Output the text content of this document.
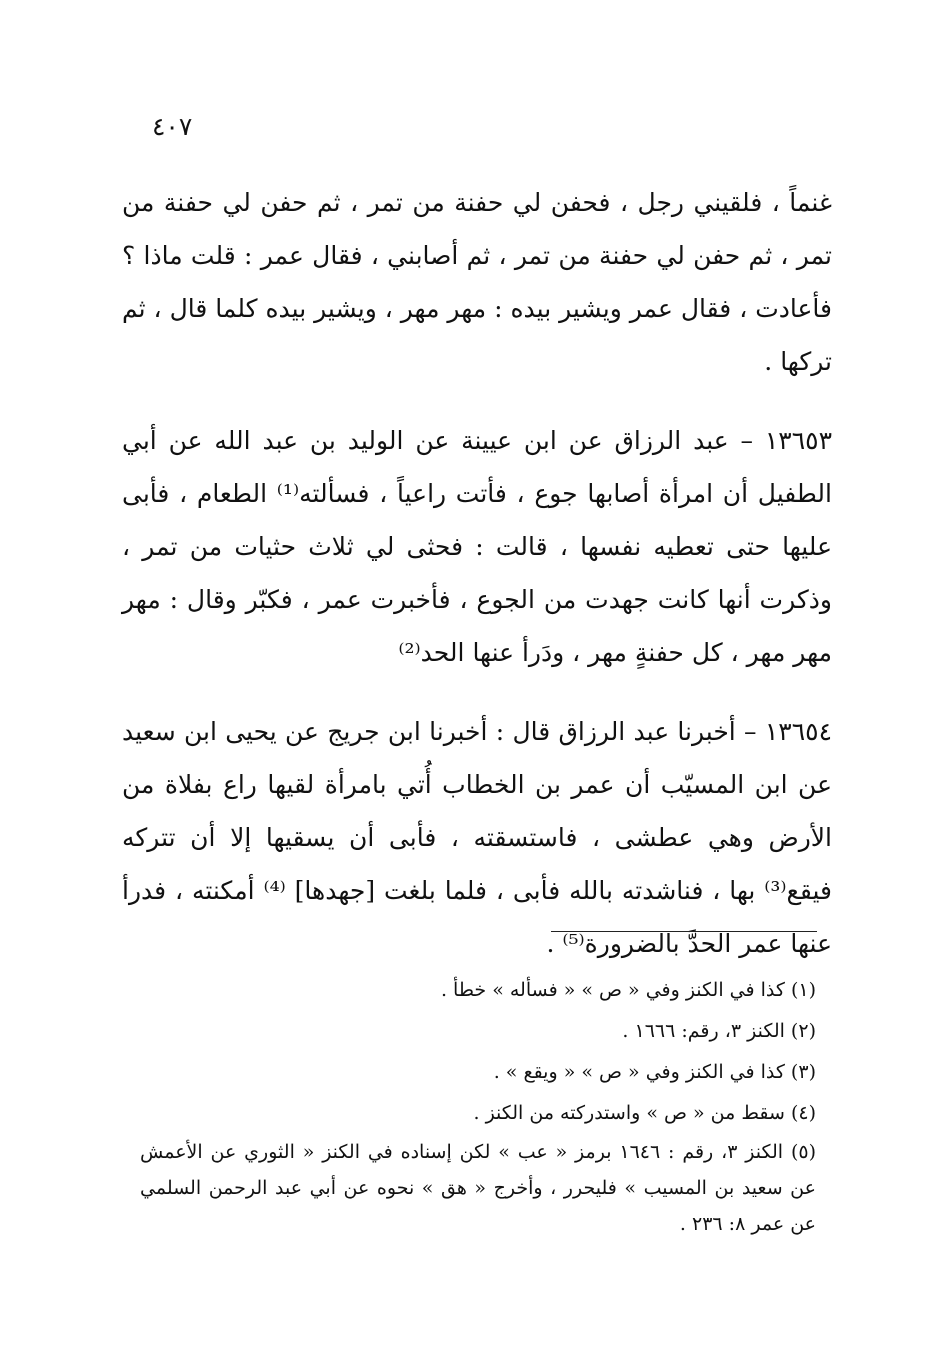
٤٠٧

غنماً ، فلقيني رجل ، فحفن لي حفنة من تمر ، ثم حفن لي حفنة من تمر ، ثم حفن لي حفنة من تمر ، ثم أصابني ، فقال عمر : قلت ماذا ؟ فأعادت ، فقال عمر ويشير بيده : مهر مهر ، ويشير بيده كلما قال ، ثم تركها .

١٣٦٥٣ – عبد الرزاق عن ابن عيينة عن الوليد بن عبد الله عن أبي الطفيل أن امرأة أصابها جوع ، فأتت راعياً ، فسألته⁽¹⁾ الطعام ، فأبى عليها حتى تعطيه نفسها ، قالت : فحثى لي ثلاث حثيات من تمر ، وذكرت أنها كانت جهدت من الجوع ، فأخبرت عمر ، فكبّر وقال : مهر مهر مهر ، كل حفنةٍ مهر ، ودَرأ عنها الحد⁽²⁾

١٣٦٥٤ – أخبرنا عبد الرزاق قال : أخبرنا ابن جريج عن يحيى ابن سعيد عن ابن المسيّب أن عمر بن الخطاب أُتي بامرأة لقيها راع بفلاة من الأرض وهي عطشى ، فاستسقته ، فأبى أن يسقيها إلا أن تتركه فيقع⁽³⁾ بها ، فناشدته بالله فأبى ، فلما بلغت [جهدها] ⁽⁴⁾ أمكنته ، فدرأ عنها عمر الحدَّ بالضرورة⁽⁵⁾ .

(١) كذا في الكنز وفي « ص » « فسأله » خطأ .

(٢) الكنز ٣، رقم: ١٦٦٦ .

(٣) كذا في الكنز وفي « ص » « ويقع » .

(٤) سقط من « ص » واستدركته من الكنز .

(٥) الكنز ٣، رقم : ١٦٤٦ برمز « عب » لكن إسناده في الكنز « الثوري عن الأعمش عن سعيد بن المسيب » فليحرر ، وأخرج « هق » نحوه عن أبي عبد الرحمن السلمي عن عمر ٨: ٢٣٦ .
